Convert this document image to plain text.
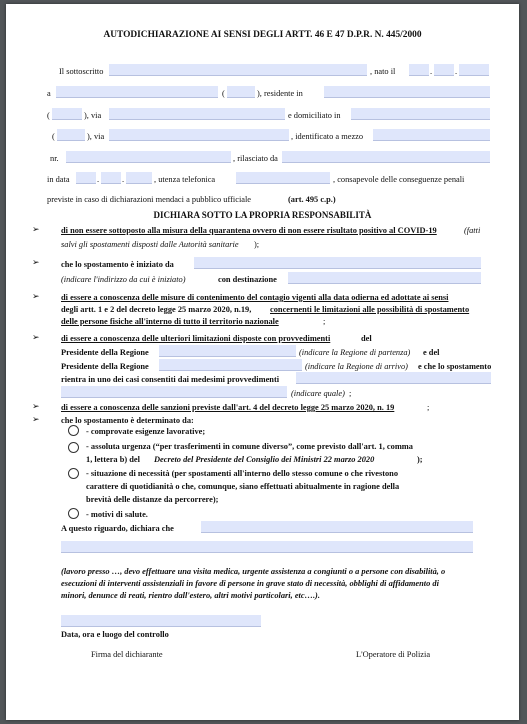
AUTODICHIARAZIONE AI SENSI DEGLI ARTT. 46 E 47 D.P.R. N. 445/2000
Il sottoscritto	, nato il	.	.
a	(	), residente in
(	), via	e domiciliato in
(	), via	, identificato a mezzo
nr.	, rilasciato da
in data	.	.	, utenza telefonica	, consapevole delle conseguenze penali
previste in caso di dichiarazioni mendaci a pubblico ufficiale	(art. 495 c.p.)
DICHIARA SOTTO LA PROPRIA RESPONSABILITÀ
➢	di non essere sottoposto alla misura della quarantena ovvero di non essere risultato positivo al COVID-19	(fatti
salvi gli spostamenti disposti dalle Autorità sanitarie );
➢	che lo spostamento è iniziato da
(indicare l'indirizzo da cui è iniziato)	con destinazione
➢	di essere a conoscenza delle misure di contenimento del contagio vigenti alla data odierna ed adottate ai sensi
degli artt. 1 e 2 del decreto legge 25 marzo 2020, n.19, concernenti le limitazioni alle possibilità di spostamento
delle persone fisiche all'interno di tutto il territorio nazionale	;
➢	di essere a conoscenza delle ulteriori limitazioni disposte con provvedimenti	del
Presidente della Regione	(indicare la Regione di partenza) e del
Presidente della Regione	(indicare la Regione di arrivo) e che lo spostamento
rientra in uno dei casi consentiti dai medesimi provvedimenti
(indicare quale) ;
➢	di essere a conoscenza delle sanzioni previste dall'art. 4 del decreto legge 25 marzo 2020, n. 19	;
➢	che lo spostamento è determinato da:
- comprovate esigenze lavorative;
- assoluta urgenza (“per trasferimenti in comune diverso”, come previsto dall'art. 1, comma
1, lettera b) del Decreto del Presidente del Consiglio dei Ministri 22 marzo 2020	);
- situazione di necessità (per spostamenti all'interno dello stesso comune o che rivestono
carattere di quotidianità o che, comunque, siano effettuati abitualmente in ragione della
brevità delle distanze da percorrere);
- motivi di salute.
A questo riguardo, dichiara che
(lavoro presso …, devo effettuare una visita medica, urgente assistenza a congiunti o a persone con disabilità, o
esecuzioni di interventi assistenziali in favore di persone in grave stato di necessità, obblighi di affidamento di
minori, denunce di reati, rientro dall'estero, altri motivi particolari, etc….).
Data, ora e luogo del controllo
Firma del dichiarante	L'Operatore di Polizia
